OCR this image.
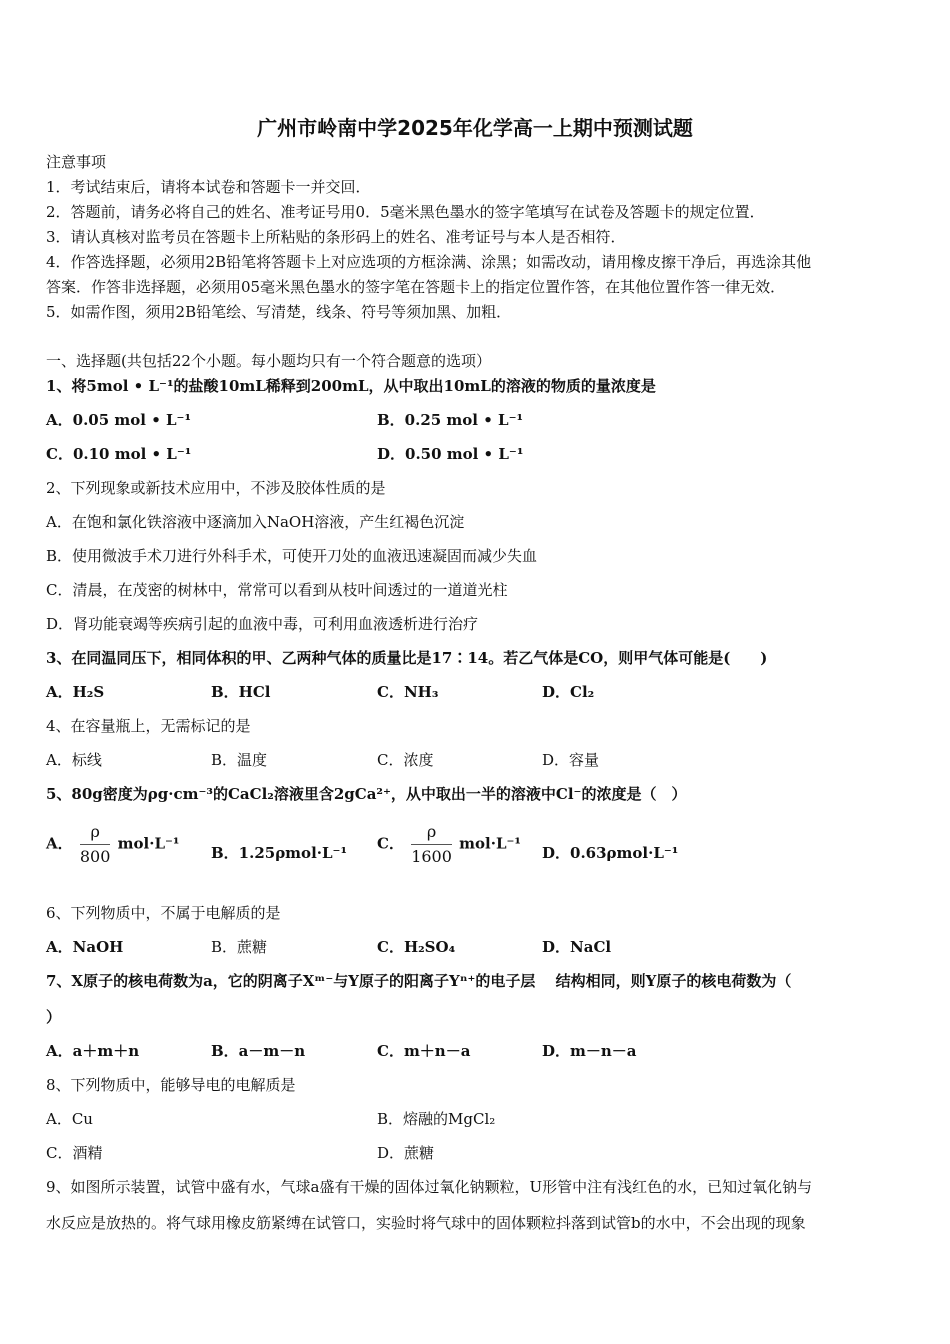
广州市岭南中学2025年化学高一上期中预测试题
注意事项
1．考试结束后，请将本试卷和答题卡一并交回．
2．答题前，请务必将自己的姓名、准考证号用0．5毫米黑色墨水的签字笔填写在试卷及答题卡的规定位置．
3．请认真核对监考员在答题卡上所粘贴的条形码上的姓名、准考证号与本人是否相符．
4．作答选择题，必须用2B铅笔将答题卡上对应选项的方框涂满、涂黑；如需改动，请用橡皮擦干净后，再选涂其他
答案．作答非选择题，必须用05毫米黑色墨水的签字笔在答题卡上的指定位置作答，在其他位置作答一律无效．
5．如需作图，须用2B铅笔绘、写清楚，线条、符号等须加黑、加粗．
一、选择题(共包括22个小题。每小题均只有一个符合题意的选项）
1、将5mol • L⁻¹的盐酸10mL稀释到200mL，从中取出10mL的溶液的物质的量浓度是
A．0.05 mol • L⁻¹	B．0.25 mol • L⁻¹
C．0.10 mol • L⁻¹	D．0.50 mol • L⁻¹
2、下列现象或新技术应用中，不涉及胶体性质的是
A．在饱和氯化铁溶液中逐滴加入NaOH溶液，产生红褐色沉淀
B．使用微波手术刀进行外科手术，可使开刀处的血液迅速凝固而减少失血
C．清晨，在茂密的树林中，常常可以看到从枝叶间透过的一道道光柱
D．肾功能衰竭等疾病引起的血液中毒，可利用血液透析进行治疗
3、在同温同压下，相同体积的甲、乙两种气体的质量比是17∶14。若乙气体是CO，则甲气体可能是(　　)
A．H₂S	B．HCl	C．NH₃	D．Cl₂
4、在容量瓶上，无需标记的是
A．标线	B．温度	C．浓度	D．容量
5、80g密度为ρg·cm⁻³的CaCl₂溶液里含2gCa²⁺，从中取出一半的溶液中Cl⁻的浓度是（　）
A． $\frac{\rho}{800} mol\cdot L^{-1}$
B．1.25ρmol·L⁻¹
C． $\frac{\rho}{1600} mol\cdot L^{-1}$
D．0.63ρmol·L⁻¹
6、下列物质中，不属于电解质的是
A．NaOH	B．蔗糖	C．H₂SO₄	D．NaCl
7、X原子的核电荷数为a，它的阴离子Xᵐ⁻与Y原子的阳离子Yⁿ⁺的电子层　 结构相同，则Y原子的核电荷数为（
）
A．a＋m＋n	B．a－m－n	C．m＋n－a	D．m－n－a
8、下列物质中，能够导电的电解质是
A．Cu	B．熔融的MgCl₂
C．酒精	D．蔗糖
9、如图所示装置，试管中盛有水，气球a盛有干燥的固体过氧化钠颗粒，U形管中注有浅红色的水，已知过氧化钠与
水反应是放热的。将气球用橡皮筋紧缚在试管口，实验时将气球中的固体颗粒抖落到试管b的水中，不会出现的现象
